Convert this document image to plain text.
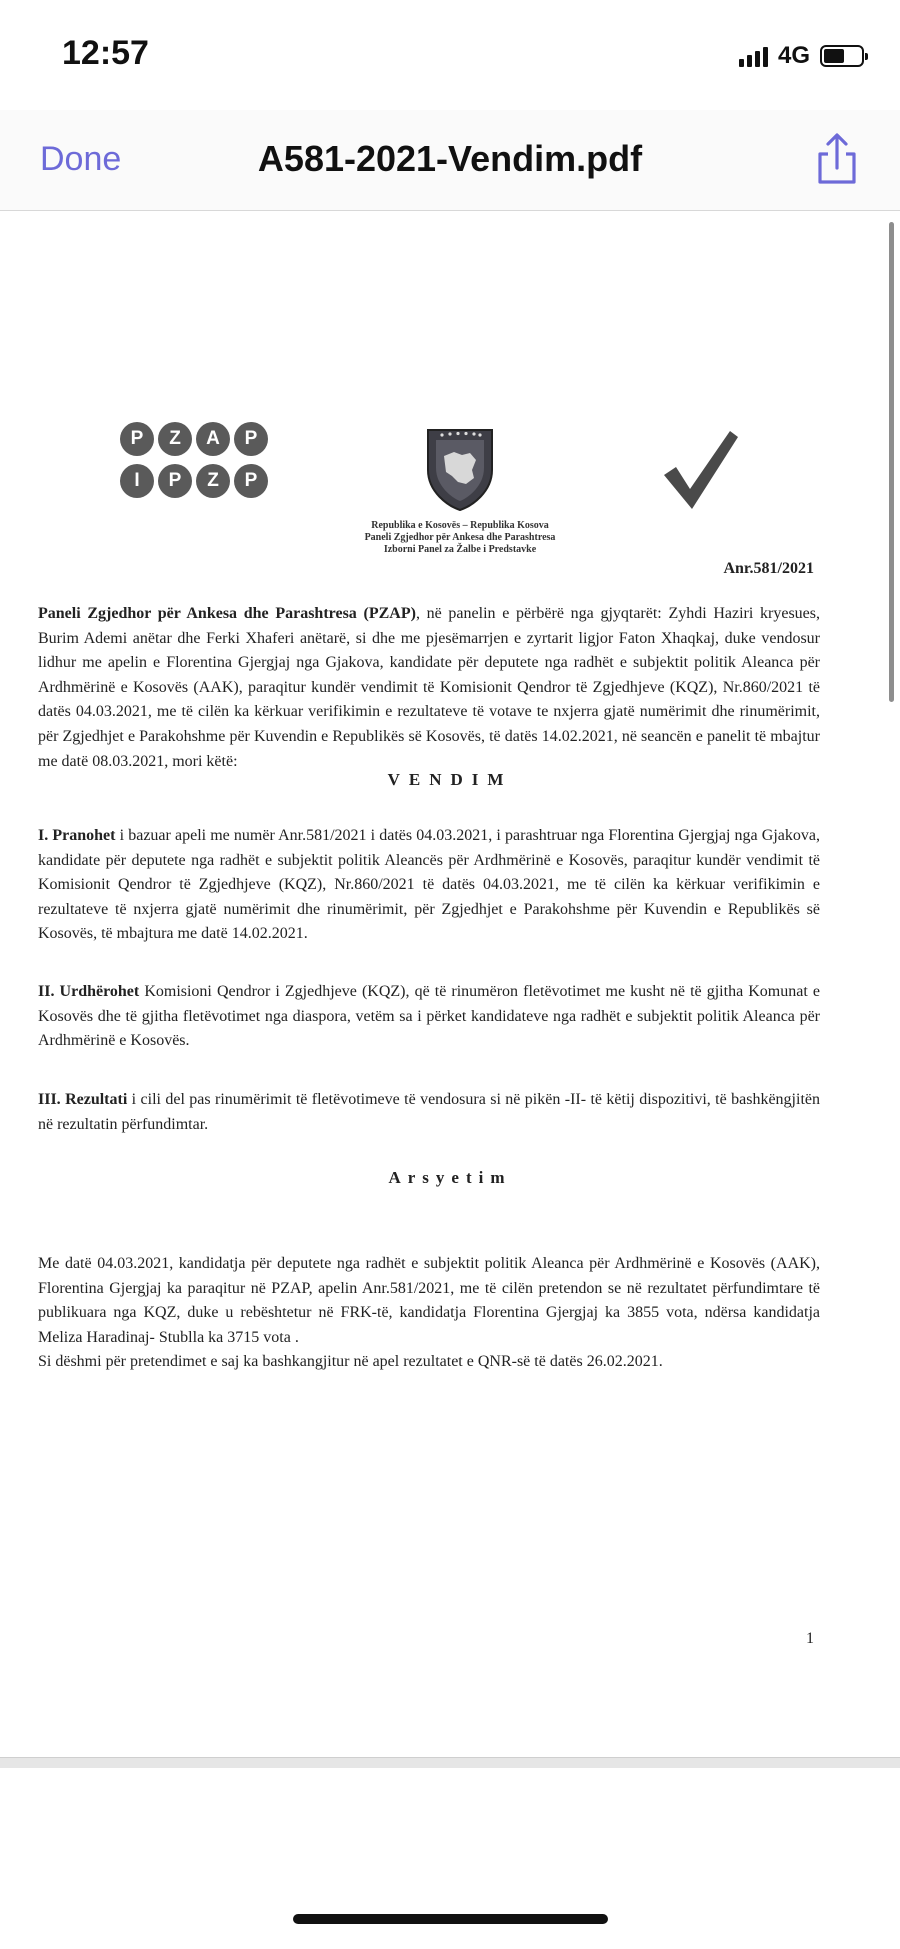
12:57	4G
Done	A581-2021-Vendim.pdf
P	Z	A	P
I	P	Z	P
Republika e Kosovës – Republika Kosova
Paneli Zgjedhor për Ankesa dhe Parashtresa
Izborni Panel za Žalbe i Predstavke
Anr.581/2021
Paneli Zgjedhor për Ankesa dhe Parashtresa (PZAP), në panelin e përbërë nga gjyqtarët: Zyhdi Haziri kryesues, Burim Ademi anëtar dhe Ferki Xhaferi anëtarë, si dhe me pjesëmarrjen e zyrtarit ligjor Faton Xhaqkaj, duke vendosur lidhur me apelin e Florentina Gjergjaj nga Gjakova, kandidate për deputete nga radhët e subjektit politik Aleanca për Ardhmërinë e Kosovës (AAK), paraqitur kundër vendimit të Komisionit Qendror të Zgjedhjeve (KQZ), Nr.860/2021 të datës 04.03.2021, me të cilën ka kërkuar verifikimin e rezultateve të votave te nxjerra gjatë numërimit dhe rinumërimit, për Zgjedhjet e Parakohshme për Kuvendin e Republikës së Kosovës, të datës 14.02.2021, në seancën e panelit të mbajtur me datë 08.03.2021, mori këtë:
VENDIM
I. Pranohet i bazuar apeli me numër Anr.581/2021 i datës 04.03.2021, i parashtruar nga Florentina Gjergjaj nga Gjakova, kandidate për deputete nga radhët e subjektit politik Aleancës për Ardhmërinë e Kosovës, paraqitur kundër vendimit të Komisionit Qendror të Zgjedhjeve (KQZ), Nr.860/2021 të datës 04.03.2021, me të cilën ka kërkuar verifikimin e rezultateve të nxjerra gjatë numërimit dhe rinumërimit, për Zgjedhjet e Parakohshme për Kuvendin e Republikës së Kosovës, të mbajtura me datë 14.02.2021.
II. Urdhërohet Komisioni Qendror i Zgjedhjeve (KQZ), që të rinumëron fletëvotimet me kusht në të gjitha Komunat e Kosovës dhe të gjitha fletëvotimet nga diaspora, vetëm sa i përket kandidateve nga radhët e subjektit politik Aleanca për Ardhmërinë e Kosovës.
III. Rezultati i cili del pas rinumërimit të fletëvotimeve të vendosura si në pikën -II- të këtij dispozitivi, të bashkëngjitën në rezultatin përfundimtar.
Arsyetim
Me datë 04.03.2021, kandidatja për deputete nga radhët e subjektit politik Aleanca për Ardhmërinë e Kosovës (AAK), Florentina Gjergjaj ka paraqitur në PZAP, apelin Anr.581/2021, me të cilën pretendon se në rezultatet përfundimtare të publikuara nga KQZ, duke u rebështetur në FRK-të, kandidatja Florentina Gjergjaj ka 3855 vota, ndërsa kandidatja Meliza Haradinaj- Stublla ka 3715 vota .
Si dëshmi për pretendimet e saj ka bashkangjitur në apel rezultatet e QNR-së të datës 26.02.2021.
1
